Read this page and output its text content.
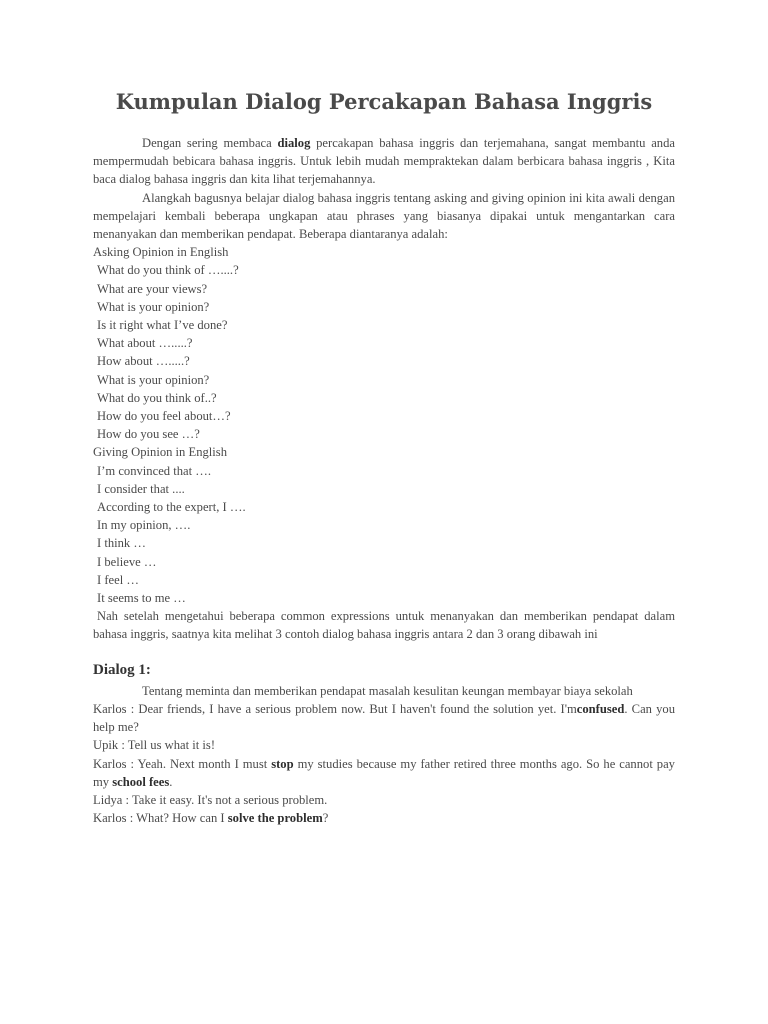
Kumpulan Dialog Percakapan Bahasa Inggris

Dengan sering membaca dialog percakapan bahasa inggris dan terjemahana, sangat membantu anda mempermudah bebicara bahasa inggris. Untuk lebih mudah mempraktekan dalam berbicara bahasa inggris , Kita baca dialog bahasa inggris dan kita lihat terjemahannya.

Alangkah bagusnya belajar dialog bahasa inggris tentang asking and giving opinion ini kita awali dengan mempelajari kembali beberapa ungkapan atau phrases yang biasanya dipakai untuk mengantarkan cara menanyakan dan memberikan pendapat. Beberapa diantaranya adalah:

Asking Opinion in English

What do you think of …....?

What are your views?

What is your opinion?

Is it right what I’ve done?

What about ….....?

How about ….....?

What is your opinion?

What do you think of..?

How do you feel about…?

How do you see …?

Giving Opinion in English

I’m convinced that ….

I consider that ....

According to the expert, I ….

In my opinion, ….

I think …

I believe …

I feel …

It seems to me …

Nah setelah mengetahui beberapa common expressions untuk menanyakan dan memberikan pendapat dalam bahasa inggris, saatnya kita melihat 3 contoh dialog bahasa inggris antara 2 dan 3 orang dibawah ini

Dialog 1:

Tentang meminta dan memberikan pendapat masalah kesulitan keungan membayar biaya sekolah

Karlos : Dear friends, I have a serious problem now. But I haven't found the solution yet. I'mconfused. Can you help me?

Upik : Tell us what it is!

Karlos : Yeah. Next month I must stop my studies because my father retired three months ago. So he cannot pay my school fees.

Lidya : Take it easy. It's not a serious problem.

Karlos : What? How can I solve the problem?
